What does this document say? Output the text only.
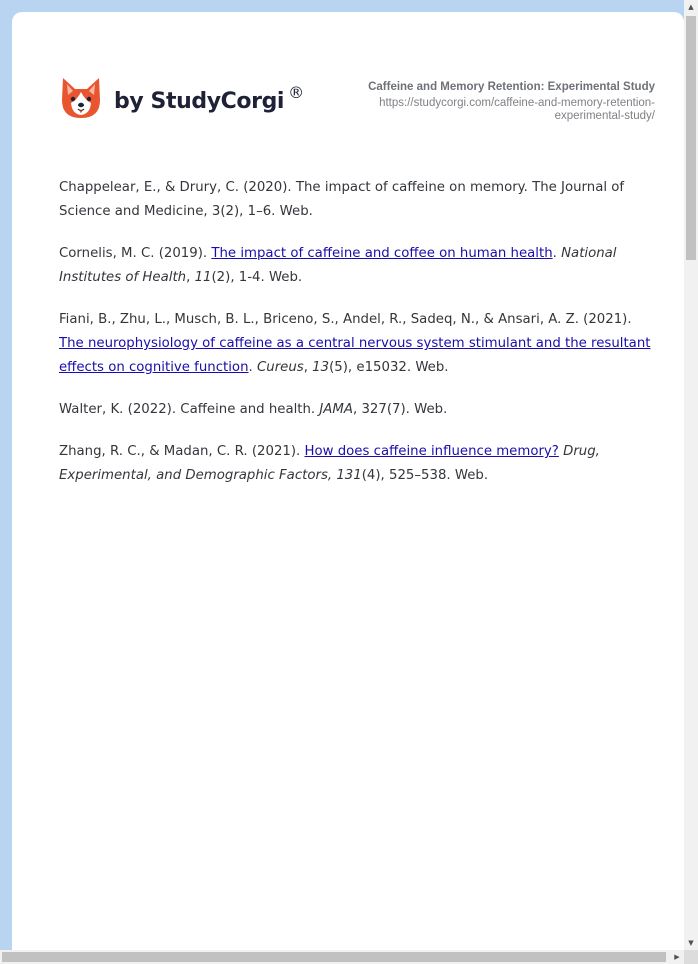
by StudyCorgi ®	Caffeine and Memory Retention: Experimental Study
https://studycorgi.com/caffeine-and-memory-retention-
experimental-study/

Chappelear, E., & Drury, C. (2020). The impact of caffeine on memory. The Journal of Science and Medicine, 3(2), 1–6. Web.

Cornelis, M. C. (2019). The impact of caffeine and coffee on human health. National Institutes of Health, 11(2), 1-4. Web.

Fiani, B., Zhu, L., Musch, B. L., Briceno, S., Andel, R., Sadeq, N., & Ansari, A. Z. (2021). The neurophysiology of caffeine as a central nervous system stimulant and the resultant effects on cognitive function. Cureus, 13(5), e15032. Web.

Walter, K. (2022). Caffeine and health. JAMA, 327(7). Web.

Zhang, R. C., & Madan, C. R. (2021). How does caffeine influence memory? Drug, Experimental, and Demographic Factors, 131(4), 525–538. Web.

▲
▼
▶
